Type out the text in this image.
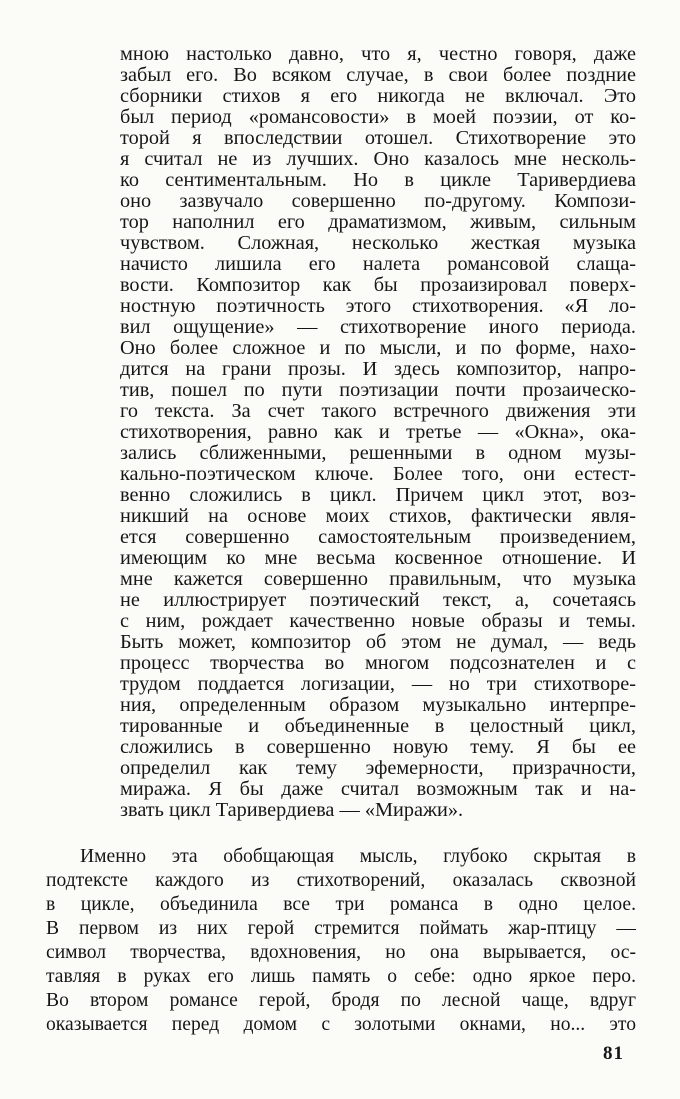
мною настолько давно, что я, честно говоря, даже

забыл его. Во всяком случае, в свои более поздние

сборники стихов я его никогда не включал. Это

был период «романсовости» в моей поэзии, от ко-

торой я впоследствии отошел. Стихотворение это

я считал не из лучших. Оно казалось мне несколь-

ко сентиментальным. Но в цикле Таривердиева

оно зазвучало совершенно по-другому. Компози-

тор наполнил его драматизмом, живым, сильным

чувством. Сложная, несколько жесткая музыка

начисто лишила его налета романсовой слаща-

вости. Композитор как бы прозаизировал поверх-

ностную поэтичность этого стихотворения. «Я ло-

вил ощущение» — стихотворение иного периода.

Оно более сложное и по мысли, и по форме, нахо-

дится на грани прозы. И здесь композитор, напро-

тив, пошел по пути поэтизации почти прозаическо-

го текста. За счет такого встречного движения эти

стихотворения, равно как и третье — «Окна», ока-

зались сближенными, решенными в одном музы-

кально-поэтическом ключе. Более того, они естест-

венно сложились в цикл. Причем цикл этот, воз-

никший на основе моих стихов, фактически явля-

ется совершенно самостоятельным произведением,

имеющим ко мне весьма косвенное отношение. И

мне кажется совершенно правильным, что музыка

не иллюстрирует поэтический текст, а, сочетаясь

с ним, рождает качественно новые образы и темы.

Быть может, композитор об этом не думал, — ведь

процесс творчества во многом подсознателен и с

трудом поддается логизации, — но три стихотворе-

ния, определенным образом музыкально интерпре-

тированные и объединенные в целостный цикл,

сложились в совершенно новую тему. Я бы ее

определил как тему эфемерности, призрачности,

миража. Я бы даже считал возможным так и на-

звать цикл Таривердиева — «Миражи».

Именно эта обобщающая мысль, глубоко скрытая в

подтексте каждого из стихотворений, оказалась сквозной

в цикле, объединила все три романса в одно целое.

В первом из них герой стремится поймать жар-птицу —

символ творчества, вдохновения, но она вырывается, ос-

тавляя в руках его лишь память о себе: одно яркое перо.

Во втором романсе герой, бродя по лесной чаще, вдруг

оказывается перед домом с золотыми окнами, но... это

81
